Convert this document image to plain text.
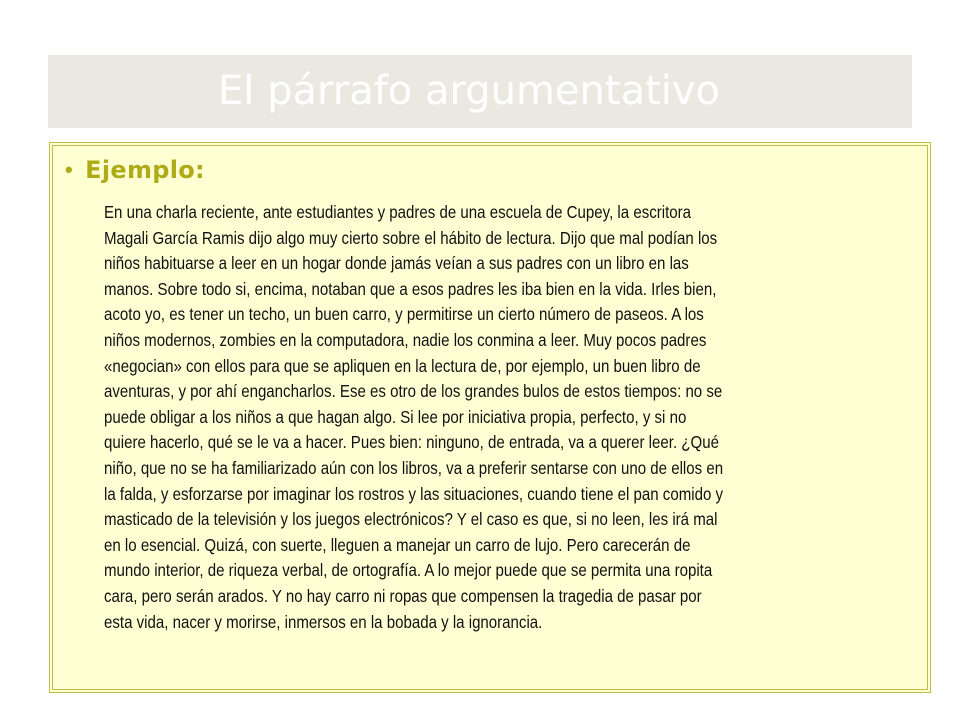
El párrafo argumentativo
• Ejemplo:
En una charla reciente, ante estudiantes y padres de una escuela de Cupey, la escritora
Magali García Ramis dijo algo muy cierto sobre el hábito de lectura. Dijo que mal podían los
niños habituarse a leer en un hogar donde jamás veían a sus padres con un libro en las
manos. Sobre todo si, encima, notaban que a esos padres les iba bien en la vida. Irles bien,
acoto yo, es tener un techo, un buen carro, y permitirse un cierto número de paseos. A los
niños modernos, zombies en la computadora, nadie los conmina a leer. Muy pocos padres
«negocian» con ellos para que se apliquen en la lectura de, por ejemplo, un buen libro de
aventuras, y por ahí engancharlos. Ese es otro de los grandes bulos de estos tiempos: no se
puede obligar a los niños a que hagan algo. Si lee por iniciativa propia, perfecto, y si no
quiere hacerlo, qué se le va a hacer. Pues bien: ninguno, de entrada, va a querer leer. ¿Qué
niño, que no se ha familiarizado aún con los libros, va a preferir sentarse con uno de ellos en
la falda, y esforzarse por imaginar los rostros y las situaciones, cuando tiene el pan comido y
masticado de la televisión y los juegos electrónicos? Y el caso es que, si no leen, les irá mal
en lo esencial. Quizá, con suerte, lleguen a manejar un carro de lujo. Pero carecerán de
mundo interior, de riqueza verbal, de ortografía. A lo mejor puede que se permita una ropita
cara, pero serán arados. Y no hay carro ni ropas que compensen la tragedia de pasar por
esta vida, nacer y morirse, inmersos en la bobada y la ignorancia.
